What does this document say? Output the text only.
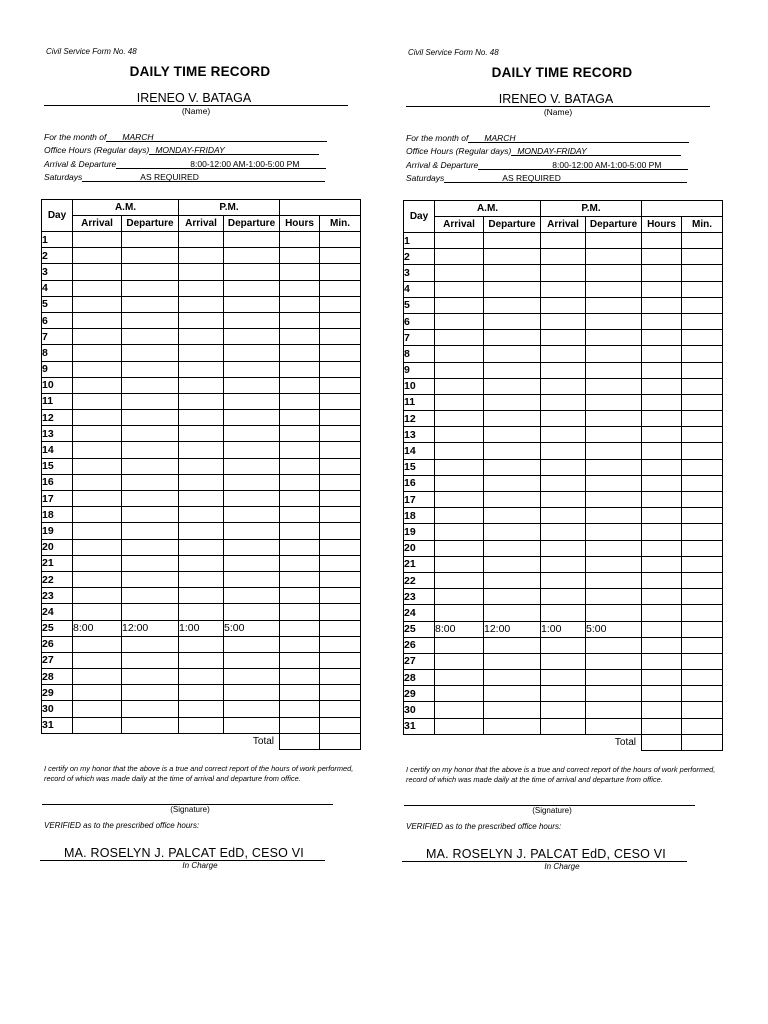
Civil Service Form No. 48
DAILY TIME RECORD
IRENEO V. BATAGA
(Name)
For the month of	MARCH
Office Hours (Regular days) MONDAY-FRIDAY
Arrival & Departure	8:00-12:00 AM-1:00-5:00 PM
Saturdays	AS REQUIRED
Day	A.M.		P.M.			
	Arrival	Departure	Arrival	Departure	Hours	Min.
1						
2						
3						
4						
5						
6						
7						
8						
9						
10						
11						
12						
13						
14						
15						
16						
17						
18						
19						
20						
21						
22						
23						
24						
25	8:00	12:00	1:00	5:00		
26						
27						
28						
29						
30						
31						
				Total		
I certify on my honor that the above is a true and correct report of the hours of work performed, record of which was made daily at the time of arrival and departure from office.
(Signature)
VERIFIED as to the prescribed office hours:
MA. ROSELYN J. PALCAT EdD, CESO VI
In Charge
Civil Service Form No. 48
DAILY TIME RECORD
IRENEO V. BATAGA
(Name)
For the month of	MARCH
Office Hours (Regular days) MONDAY-FRIDAY
Arrival & Departure	8:00-12:00 AM-1:00-5:00 PM
Saturdays	AS REQUIRED
Day	A.M.		P.M.			
	Arrival	Departure	Arrival	Departure	Hours	Min.
1						
2						
3						
4						
5						
6						
7						
8						
9						
10						
11						
12						
13						
14						
15						
16						
17						
18						
19						
20						
21						
22						
23						
24						
25	8:00	12:00	1:00	5:00		
26						
27						
28						
29						
30						
31						
				Total		
I certify on my honor that the above is a true and correct report of the hours of work performed, record of which was made daily at the time of arrival and departure from office.
(Signature)
VERIFIED as to the prescribed office hours:
MA. ROSELYN J. PALCAT EdD, CESO VI
In Charge
